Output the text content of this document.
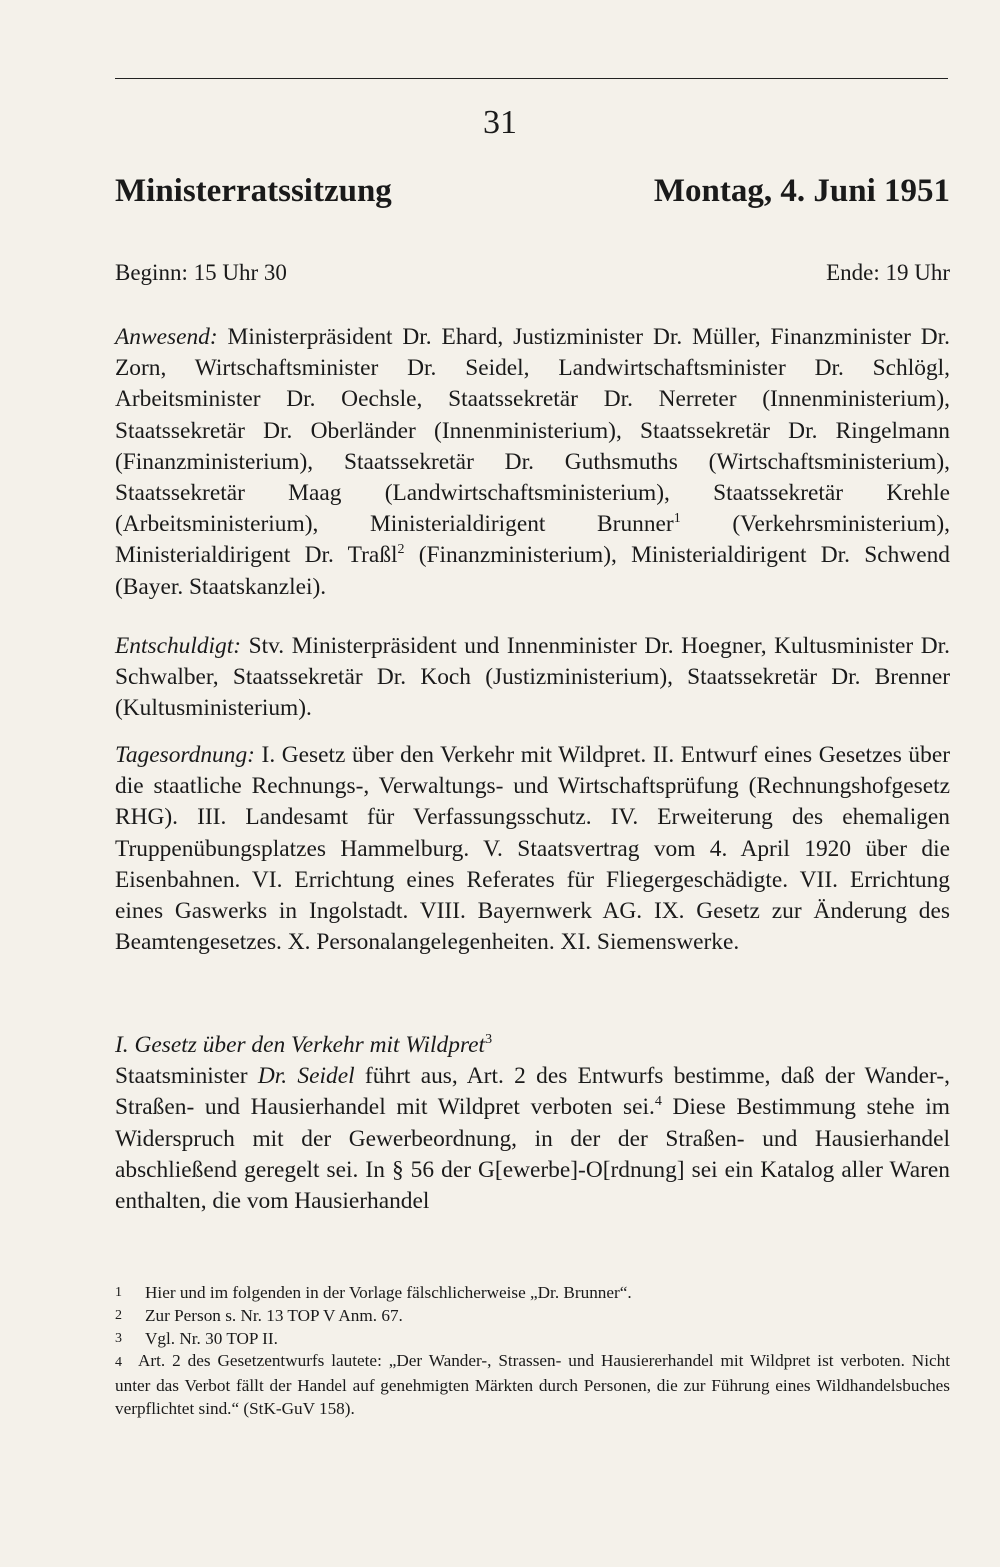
31
Ministerratssitzung	Montag, 4. Juni 1951
Beginn: 15 Uhr 30	Ende: 19 Uhr

Anwesend: Ministerpräsident Dr. Ehard, Justizminister Dr. Müller, Finanzminister Dr. Zorn, Wirtschaftsminister Dr. Seidel, Landwirtschaftsminister Dr. Schlögl, Arbeitsminister Dr. Oechsle, Staatssekretär Dr. Nerreter (Innenministerium), Staatssekretär Dr. Oberländer (Innenministerium), Staatssekretär Dr. Ringelmann (Finanzministerium), Staatssekretär Dr. Guthsmuths (Wirtschaftsministerium), Staatssekretär Maag (Landwirtschaftsministerium), Staatssekretär Krehle (Arbeitsministerium), Ministerialdirigent Brunner$^1$ (Verkehrsministerium), Ministerialdirigent Dr. Traßl$^2$ (Finanzministerium), Ministerialdirigent Dr. Schwend (Bayer. Staatskanzlei).

Entschuldigt: Stv. Ministerpräsident und Innenminister Dr. Hoegner, Kultusminister Dr. Schwalber, Staatssekretär Dr. Koch (Justizministerium), Staatssekretär Dr. Brenner (Kultusministerium).

Tagesordnung: I. Gesetz über den Verkehr mit Wildpret. II. Entwurf eines Gesetzes über die staatliche Rechnungs-, Verwaltungs- und Wirtschaftsprüfung (Rechnungshofgesetz RHG). III. Landesamt für Verfassungsschutz. IV. Erweiterung des ehemaligen Truppenübungsplatzes Hammelburg. V. Staatsvertrag vom 4. April 1920 über die Eisenbahnen. VI. Errichtung eines Referates für Fliegergeschädigte. VII. Errichtung eines Gaswerks in Ingolstadt. VIII. Bayernwerk AG. IX. Gesetz zur Änderung des Beamtengesetzes. X. Personalangelegenheiten. XI. Siemenswerke.

I. Gesetz über den Verkehr mit Wildpret$^3$

Staatsminister Dr. Seidel führt aus, Art. 2 des Entwurfs bestimme, daß der Wander-, Straßen- und Hausierhandel mit Wildpret verboten sei.$^4$ Diese Bestimmung stehe im Widerspruch mit der Gewerbeordnung, in der der Straßen- und Hausierhandel abschließend geregelt sei. In § 56 der G[ewerbe]-O[rdnung] sei ein Katalog aller Waren enthalten, die vom Hausierhandel

1 Hier und im folgenden in der Vorlage fälschlicherweise „Dr. Brunner“.
2 Zur Person s. Nr. 13 TOP V Anm. 67.
3 Vgl. Nr. 30 TOP II.
4 Art. 2 des Gesetzentwurfs lautete: „Der Wander-, Strassen- und Hausiererhandel mit Wildpret ist verboten. Nicht unter das Verbot fällt der Handel auf genehmigten Märkten durch Personen, die zur Führung eines Wildhandelsbuches verpflichtet sind.“ (StK-GuV 158).
